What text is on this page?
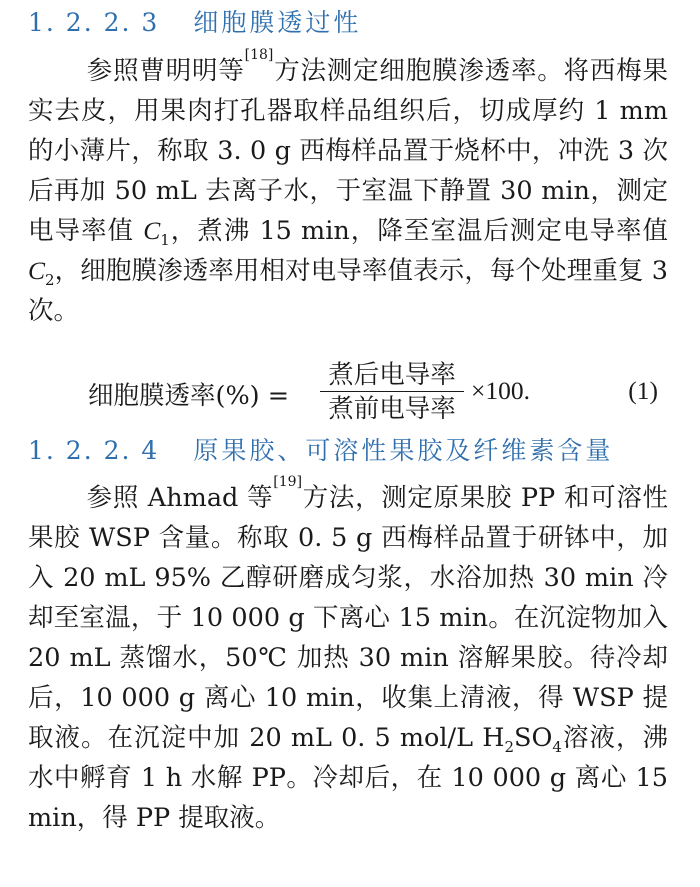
1. 2. 2. 3 细胞膜透过性
参照曹明明等[18]方法测定细胞膜渗透率。将西梅果实去皮，用果肉打孔器取样品组织后，切成厚约 1 mm 的小薄片，称取 3. 0 g 西梅样品置于烧杯中，冲洗 3 次后再加 50 mL 去离子水，于室温下静置 30 min，测定电导率值 $C_1$，煮沸 15 min，降至室温后测定电导率值 $C_2$，细胞膜渗透率用相对电导率值表示，每个处理重复 3 次。
细胞膜透率(%) =
煮后电导率
煮前电导率
×100.	(1)
1. 2. 2. 4 原果胶、可溶性果胶及纤维素含量
参照 Ahmad 等[19]方法，测定原果胶 PP 和可溶性果胶 WSP 含量。称取 0. 5 g 西梅样品置于研钵中，加入 20 mL 95% 乙醇研磨成匀浆，水浴加热 30 min 冷却至室温，于 10 000 g 下离心 15 min。在沉淀物加入 20 mL 蒸馏水，50℃ 加热 30 min 溶解果胶。待冷却后，10 000 g 离心 10 min，收集上清液，得 WSP 提取液。在沉淀中加 20 mL 0. 5 mol/L $H_2SO_4$溶液，沸水中孵育 1 h 水解 PP。冷却后，在 10 000 g 离心 15 min，得 PP 提取液。
